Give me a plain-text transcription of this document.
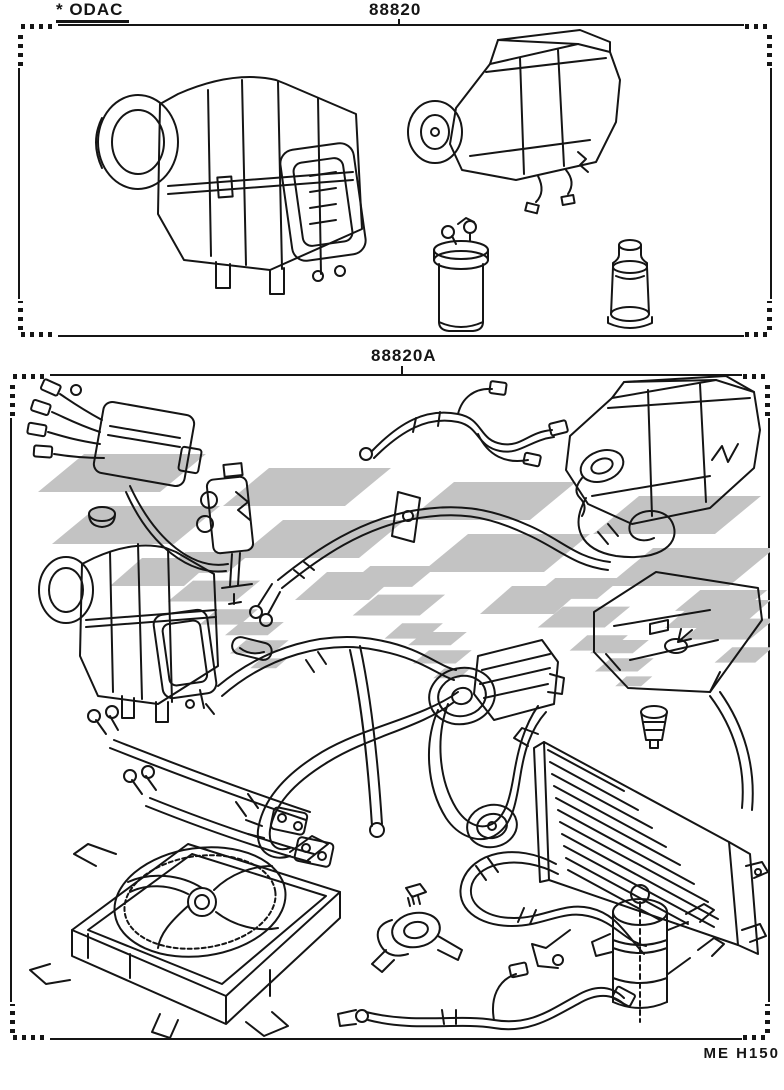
* ODAC	88820
88820A
ME H150
